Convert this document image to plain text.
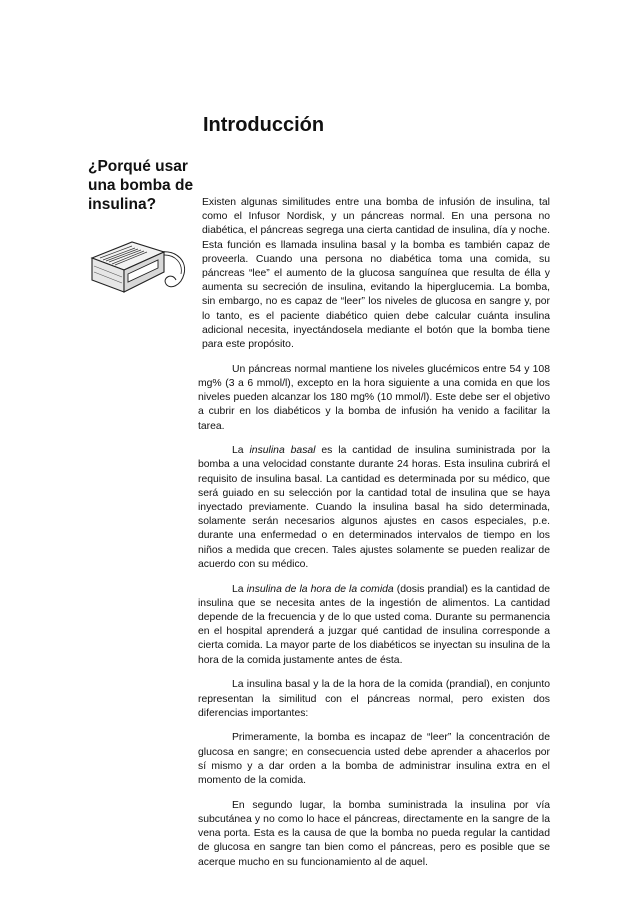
Introducción
¿Porqué usar una bomba de insulina?	Existen algunas similitudes entre una bomba de infusión de insulina, tal como el Infusor Nordisk, y un páncreas normal. En una persona no diabética, el páncreas segrega una cierta cantidad de insulina, día y noche. Esta función es llamada insulina basal y la bomba es también capaz de proveerla. Cuando una persona no diabética toma una comida, su páncreas “lee” el aumento de la glucosa sanguínea que resulta de élla y aumenta su secreción de insulina, evitando la hiperglucemia. La bomba, sin embargo, no es capaz de “leer” los niveles de glucosa en sangre y, por lo tanto, es el paciente diabético quien debe calcular cuánta insulina adicional necesita, inyectándosela mediante el botón que la bomba tiene para este propósito.

Un páncreas normal mantiene los niveles glucémicos entre 54 y 108 mg% (3 a 6 mmol/l), excepto en la hora siguiente a una comida en que los niveles pueden alcanzar los 180 mg% (10 mmol/l). Este debe ser el objetivo a cubrir en los diabéticos y la bomba de infusión ha venido a facilitar la tarea.

La insulina basal es la cantidad de insulina suministrada por la bomba a una velocidad constante durante 24 horas. Esta insulina cubrirá el requisito de insulina basal. La cantidad es determinada por su médico, que será guiado en su selección por la cantidad total de insulina que se haya inyectado previamente. Cuando la insulina basal ha sido determinada, solamente serán necesarios algunos ajustes en casos especiales, p.e. durante una enfermedad o en determinados intervalos de tiempo en los niños a medida que crecen. Tales ajustes solamente se pueden realizar de acuerdo con su médico.

La insulina de la hora de la comida (dosis prandial) es la cantidad de insulina que se necesita antes de la ingestión de alimentos. La cantidad depende de la frecuencia y de lo que usted coma. Durante su permanencia en el hospital aprenderá a juzgar qué cantidad de insulina corresponde a cierta comida. La mayor parte de los diabéticos se inyectan su insulina de la hora de la comida justamente antes de ésta.

La insulina basal y la de la hora de la comida (prandial), en conjunto representan la similitud con el páncreas normal, pero existen dos diferencias importantes:

Primeramente, la bomba es incapaz de “leer” la concentración de glucosa en sangre; en consecuencia usted debe aprender a ahacerlos por sí mismo y a dar orden a la bomba de administrar insulina extra en el momento de la comida.

En segundo lugar, la bomba suministrada la insulina por vía subcutánea y no como lo hace el páncreas, directamente en la sangre de la vena porta. Esta es la causa de que la bomba no pueda regular la cantidad de glucosa en sangre tan bien como el páncreas, pero es posible que se acerque mucho en su funcionamiento al de aquel.
